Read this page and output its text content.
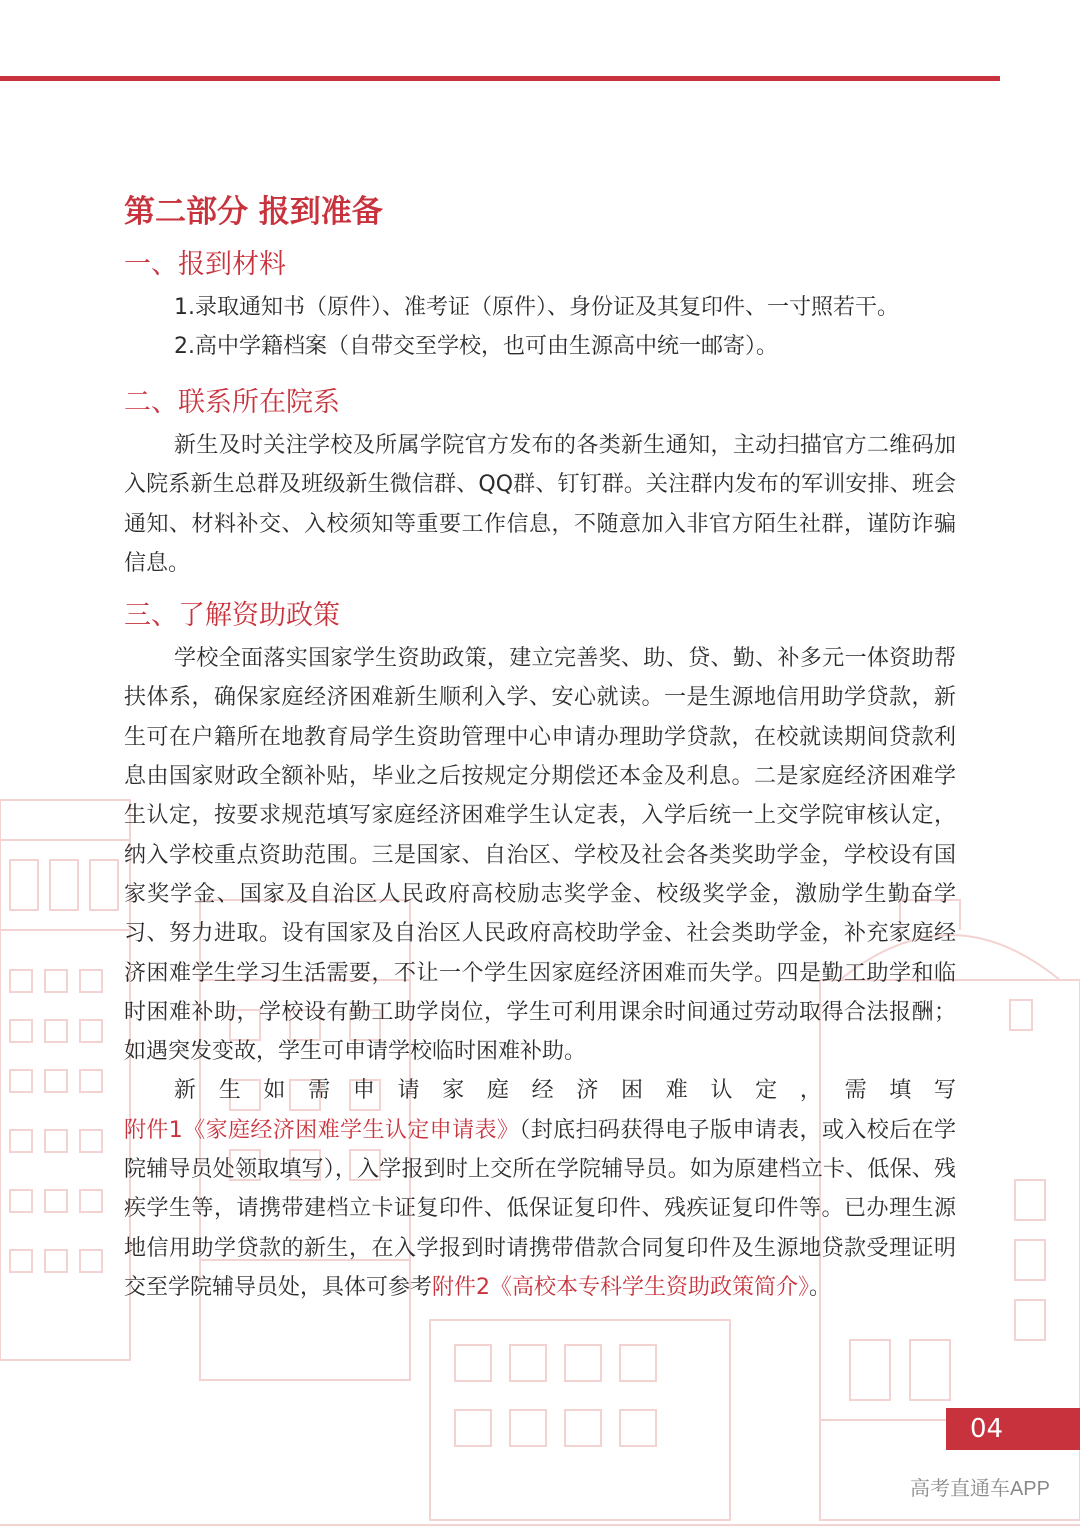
第二部分 报到准备
一、报到材料

1.录取通知书（原件）、准考证（原件）、身份证及其复印件、一寸照若干。

2.高中学籍档案（自带交至学校，也可由生源高中统一邮寄）。

二、联系所在院系

新生及时关注学校及所属学院官方发布的各类新生通知，主动扫描官方二维码加入院系新生总群及班级新生微信群、QQ群、钉钉群。关注群内发布的军训安排、班会通知、材料补交、入校须知等重要工作信息，不随意加入非官方陌生社群，谨防诈骗信息。

三、了解资助政策

学校全面落实国家学生资助政策，建立完善奖、助、贷、勤、补多元一体资助帮扶体系，确保家庭经济困难新生顺利入学、安心就读。一是生源地信用助学贷款，新生可在户籍所在地教育局学生资助管理中心申请办理助学贷款，在校就读期间贷款利息由国家财政全额补贴，毕业之后按规定分期偿还本金及利息。二是家庭经济困难学生认定，按要求规范填写家庭经济困难学生认定表，入学后统一上交学院审核认定，纳入学校重点资助范围。三是国家、自治区、学校及社会各类奖助学金，学校设有国家奖学金、国家及自治区人民政府高校励志奖学金、校级奖学金，激励学生勤奋学习、努力进取。设有国家及自治区人民政府高校助学金、社会类助学金，补充家庭经济困难学生学习生活需要，不让一个学生因家庭经济困难而失学。四是勤工助学和临时困难补助，学校设有勤工助学岗位，学生可利用课余时间通过劳动取得合法报酬；如遇突发变故，学生可申请学校临时困难补助。

新生如需申请家庭经济困难认定，需填写附件1《家庭经济困难学生认定申请表》（封底扫码获得电子版申请表，或入校后在学院辅导员处领取填写），入学报到时上交所在学院辅导员。如为原建档立卡、低保、残疾学生等，请携带建档立卡证复印件、低保证复印件、残疾证复印件等。已办理生源地信用助学贷款的新生，在入学报到时请携带借款合同复印件及生源地贷款受理证明交至学院辅导员处，具体可参考附件2《高校本专科学生资助政策简介》。

04
高考直通车APP
